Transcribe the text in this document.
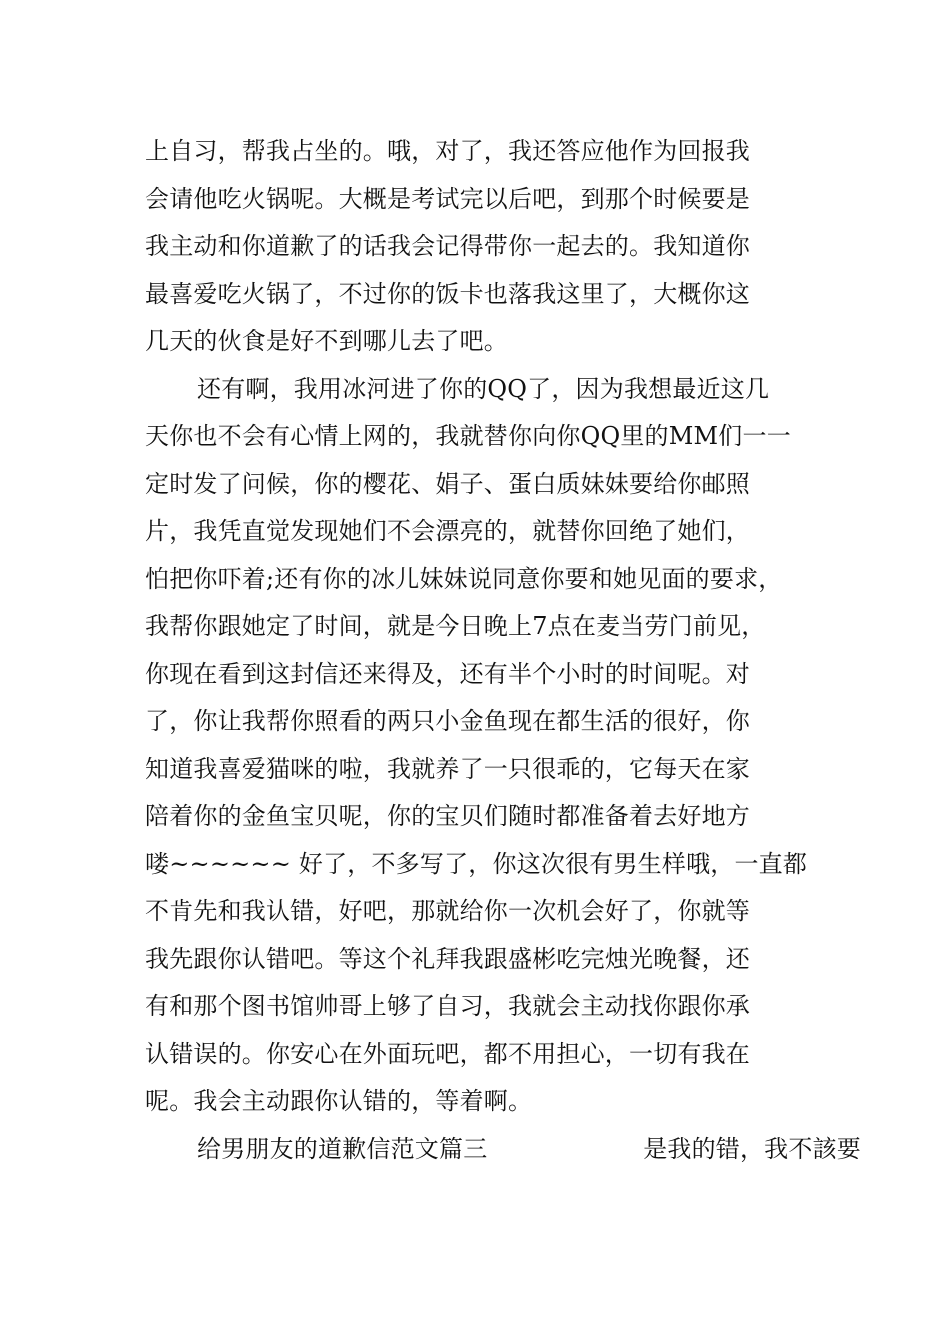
上自习，帮我占坐的。哦，对了，我还答应他作为回报我
会请他吃火锅呢。大概是考试完以后吧，到那个时候要是
我主动和你道歉了的话我会记得带你一起去的。我知道你
最喜爱吃火锅了，不过你的饭卡也落我这里了，大概你这
几天的伙食是好不到哪儿去了吧。
还有啊，我用冰河进了你的QQ了，因为我想最近这几
天你也不会有心情上网的，我就替你向你QQ里的MM们一一
定时发了问候，你的樱花、娟子、蛋白质妹妹要给你邮照
片，我凭直觉发现她们不会漂亮的，就替你回绝了她们，
怕把你吓着;还有你的冰儿妹妹说同意你要和她见面的要求，
我帮你跟她定了时间，就是今日晚上7点在麦当劳门前见，
你现在看到这封信还来得及，还有半个小时的时间呢。对
了，你让我帮你照看的两只小金鱼现在都生活的很好，你
知道我喜爱猫咪的啦，我就养了一只很乖的，它每天在家
陪着你的金鱼宝贝呢，你的宝贝们随时都准备着去好地方
喽~~~~~~ 好了，不多写了，你这次很有男生样哦，一直都
不肯先和我认错，好吧，那就给你一次机会好了，你就等
我先跟你认错吧。等这个礼拜我跟盛彬吃完烛光晚餐，还
有和那个图书馆帅哥上够了自习，我就会主动找你跟你承
认错误的。你安心在外面玩吧，都不用担心，一切有我在
呢。我会主动跟你认错的，等着啊。
给男朋友的道歉信范文篇三	是我的错，我不該要
